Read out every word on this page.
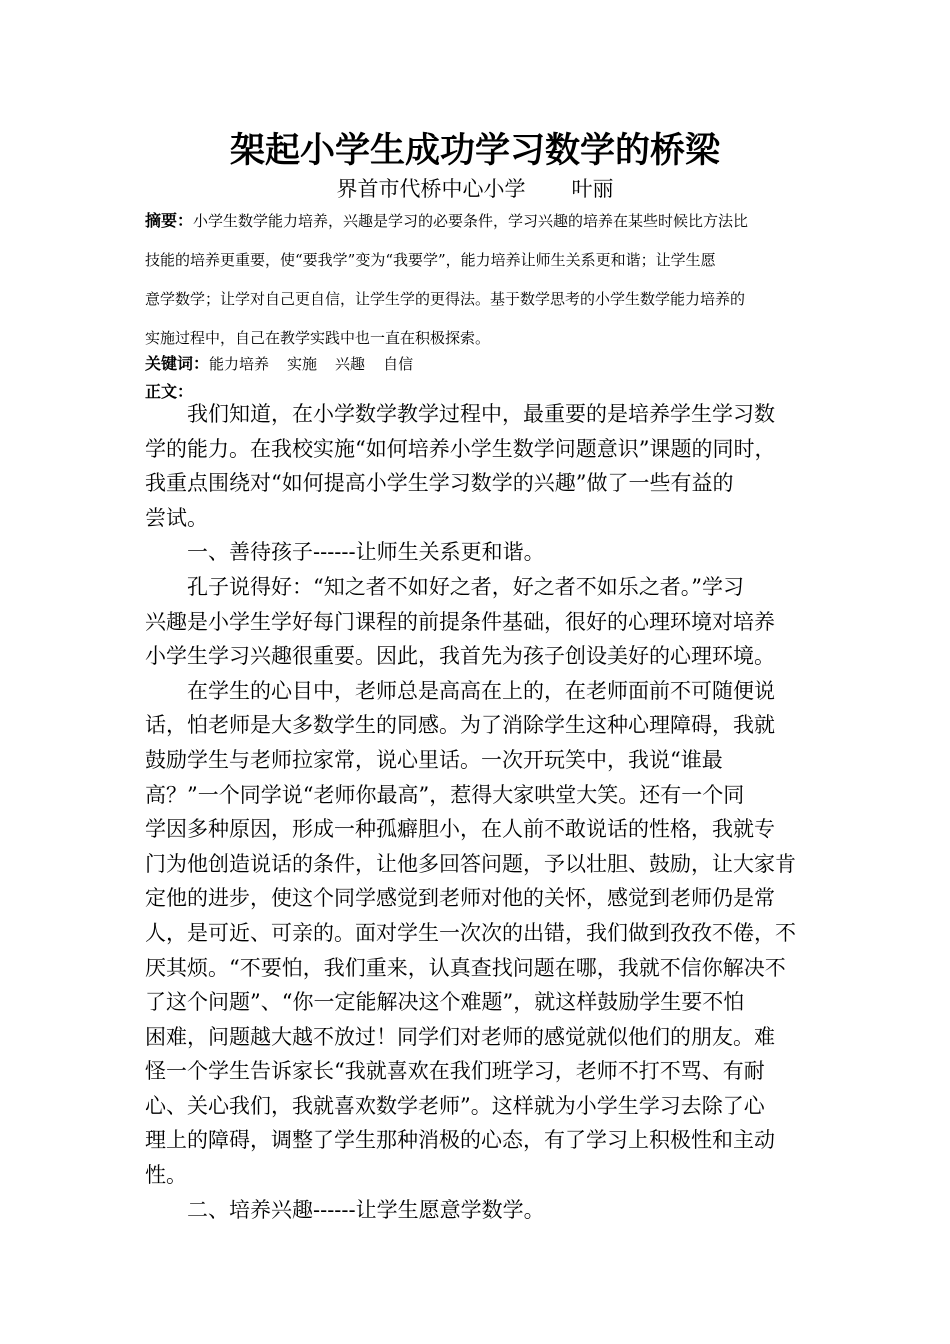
架起小学生成功学习数学的桥梁
界首市代桥中心小学 叶丽
摘要：小学生数学能力培养，兴趣是学习的必要条件，学习兴趣的培养在某些时候比方法比
技能的培养更重要，使“要我学”变为“我要学”，能力培养让师生关系更和谐；让学生愿
意学数学；让学对自己更自信，让学生学的更得法。基于数学思考的小学生数学能力培养的
实施过程中，自己在教学实践中也一直在积极探索。
关键词：能力培养 实施 兴趣 自信
正文：
　　我们知道，在小学数学教学过程中，最重要的是培养学生学习数
学的能力。在我校实施“如何培养小学生数学问题意识”课题的同时，
我重点围绕对“如何提高小学生学习数学的兴趣”做了一些有益的
尝试。
　　一、善待孩子------让师生关系更和谐。
　　孔子说得好：“知之者不如好之者，好之者不如乐之者。”学习
兴趣是小学生学好每门课程的前提条件基础，很好的心理环境对培养
小学生学习兴趣很重要。因此，我首先为孩子创设美好的心理环境。
　　在学生的心目中，老师总是高高在上的，在老师面前不可随便说
话，怕老师是大多数学生的同感。为了消除学生这种心理障碍，我就
鼓励学生与老师拉家常，说心里话。一次开玩笑中，我说“谁最
高？”一个同学说“老师你最高”，惹得大家哄堂大笑。还有一个同
学因多种原因，形成一种孤癖胆小，在人前不敢说话的性格，我就专
门为他创造说话的条件，让他多回答问题，予以壮胆、鼓励，让大家肯
定他的进步，使这个同学感觉到老师对他的关怀，感觉到老师仍是常
人，是可近、可亲的。面对学生一次次的出错，我们做到孜孜不倦，不
厌其烦。“不要怕，我们重来，认真查找问题在哪，我就不信你解决不
了这个问题”、“你一定能解决这个难题”，就这样鼓励学生要不怕
困难，问题越大越不放过！同学们对老师的感觉就似他们的朋友。难
怪一个学生告诉家长“我就喜欢在我们班学习，老师不打不骂、有耐
心、关心我们，我就喜欢数学老师”。这样就为小学生学习去除了心
理上的障碍，调整了学生那种消极的心态，有了学习上积极性和主动
性。
　　二、培养兴趣------让学生愿意学数学。
